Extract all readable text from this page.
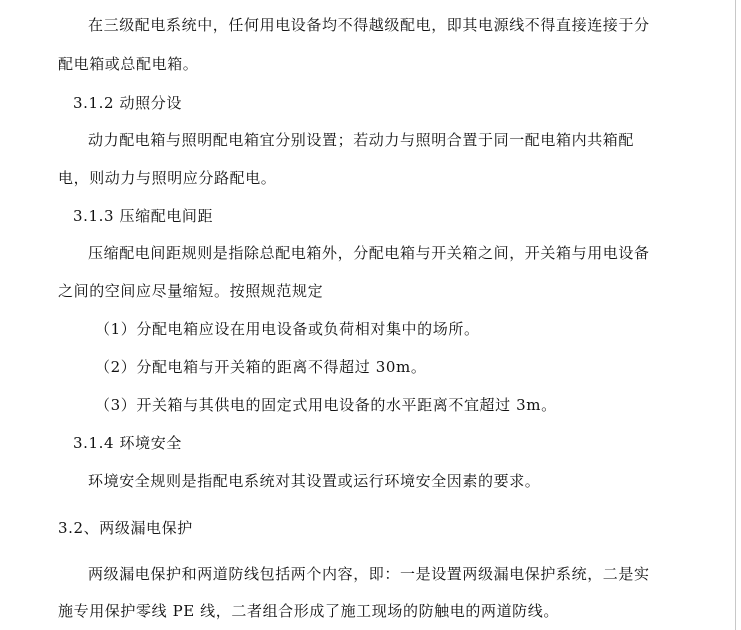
在三级配电系统中，任何用电设备均不得越级配电，即其电源线不得直接连接于分
配电箱或总配电箱。
3.1.2 动照分设
动力配电箱与照明配电箱宜分别设置；若动力与照明合置于同一配电箱内共箱配
电，则动力与照明应分路配电。
3.1.3 压缩配电间距
压缩配电间距规则是指除总配电箱外，分配电箱与开关箱之间，开关箱与用电设备
之间的空间应尽量缩短。按照规范规定
（1）分配电箱应设在用电设备或负荷相对集中的场所。
（2）分配电箱与开关箱的距离不得超过 30m。
（3）开关箱与其供电的固定式用电设备的水平距离不宜超过 3m。
3.1.4 环境安全
环境安全规则是指配电系统对其设置或运行环境安全因素的要求。
3.2、两级漏电保护
两级漏电保护和两道防线包括两个内容，即：一是设置两级漏电保护系统，二是实
施专用保护零线 PE 线，二者组合形成了施工现场的防触电的两道防线。
